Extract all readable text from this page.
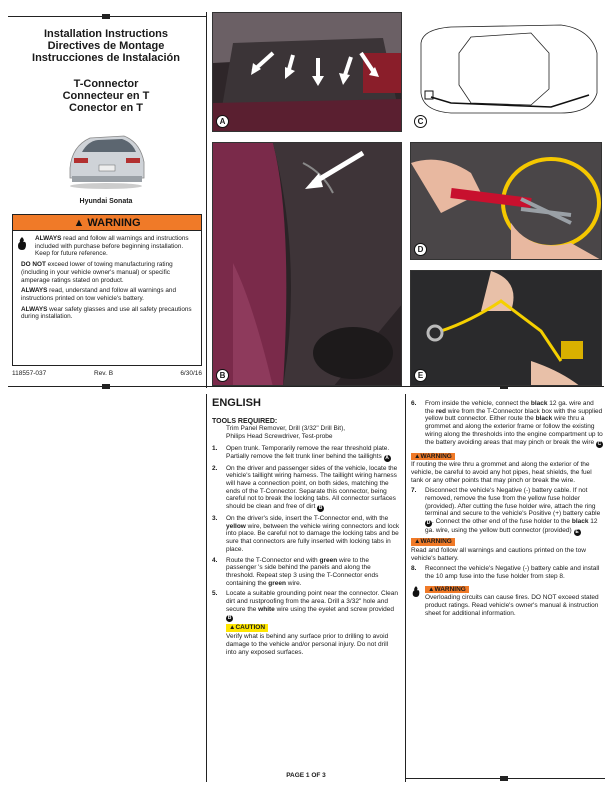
Installation Instructions
Directives de Montage
Instrucciones de Instalación
T-Connector
Connecteur en T
Conector en T
Hyundai Sonata
▲ WARNING

ALWAYS read and follow all warnings and instructions included with purchase before beginning installation. Keep for future reference.

DO NOT exceed lower of towing manufacturing rating (including in your vehicle owner's manual) or specific amperage ratings stated on product.

ALWAYS read, understand and follow all warnings and instructions printed on tow vehicle's battery.

ALWAYS wear safety glasses and use all safety precautions during installation.

118557-037	Rev. B	6/30/16
A	C
B
D
E
ENGLISH
TOOLS REQUIRED:
Trim Panel Remover, Drill (3/32" Drill Bit),
Philips Head Screwdriver, Test-probe
1. Open trunk. Temporarily remove the rear threshold plate. Partially remove the felt trunk liner behind the taillights A
2. On the driver and passenger sides of the vehicle, locate the vehicle's taillight wiring harness. The taillight wiring harness will have a connection point, on both sides, matching the ends of the T-Connector. Separate this connector, being careful not to break the locking tabs. All connector surfaces should be clean and free of dirt B
3. On the driver's side, insert the T-Connector end, with the yellow wire, between the vehicle wiring connectors and lock into place. Be careful not to damage the locking tabs and be sure that connectors are fully inserted with locking tabs in place.
4. Route the T-Connector end with green wire to the passenger 's side behind the panels and along the threshold. Repeat step 3 using the T-Connector ends containing the green wire.
5. Locate a suitable grounding point near the connector. Clean dirt and rustproofing from the area. Drill a 3/32" hole and secure the white wire using the eyelet and screw provided B
▲CAUTION
Verify what is behind any surface prior to drilling to avoid damage to the vehicle and/or personal injury. Do not drill into any exposed surfaces.
PAGE 1 OF 3
6. From inside the vehicle, connect the black 12 ga. wire and the red wire from the T-Connector black box with the supplied yellow butt connector. Either route the black wire thru a grommet and along the exterior frame or follow the existing wiring along the thresholds into the engine compartment up to the battery avoiding areas that may pinch or break the wire C
▲WARNING

If routing the wire thru a grommet and along the exterior of the vehicle, be careful to avoid any hot pipes, heat shields, the fuel tank or any other points that may pinch or break the wire.

7. Disconnect the vehicle's Negative (-) battery cable. If not removed, remove the fuse from the yellow fuse holder (provided). After cutting the fuse holder wire, attach the ring terminal and secure to the vehicle's Positive (+) battery cable D . Connect the other end of the fuse holder to the black 12 ga. wire, using the yellow butt connector (provided) E
▲WARNING
Read and follow all warnings and cautions printed on the tow vehicle's battery.
8. Reconnect the vehicle's Negative (-) battery cable and install the 10 amp fuse into the fuse holder from step 8.
▲WARNING
Overloading circuits can cause fires. DO NOT exceed stated product ratings. Read vehicle's owner's manual & instruction sheet for additional information.
